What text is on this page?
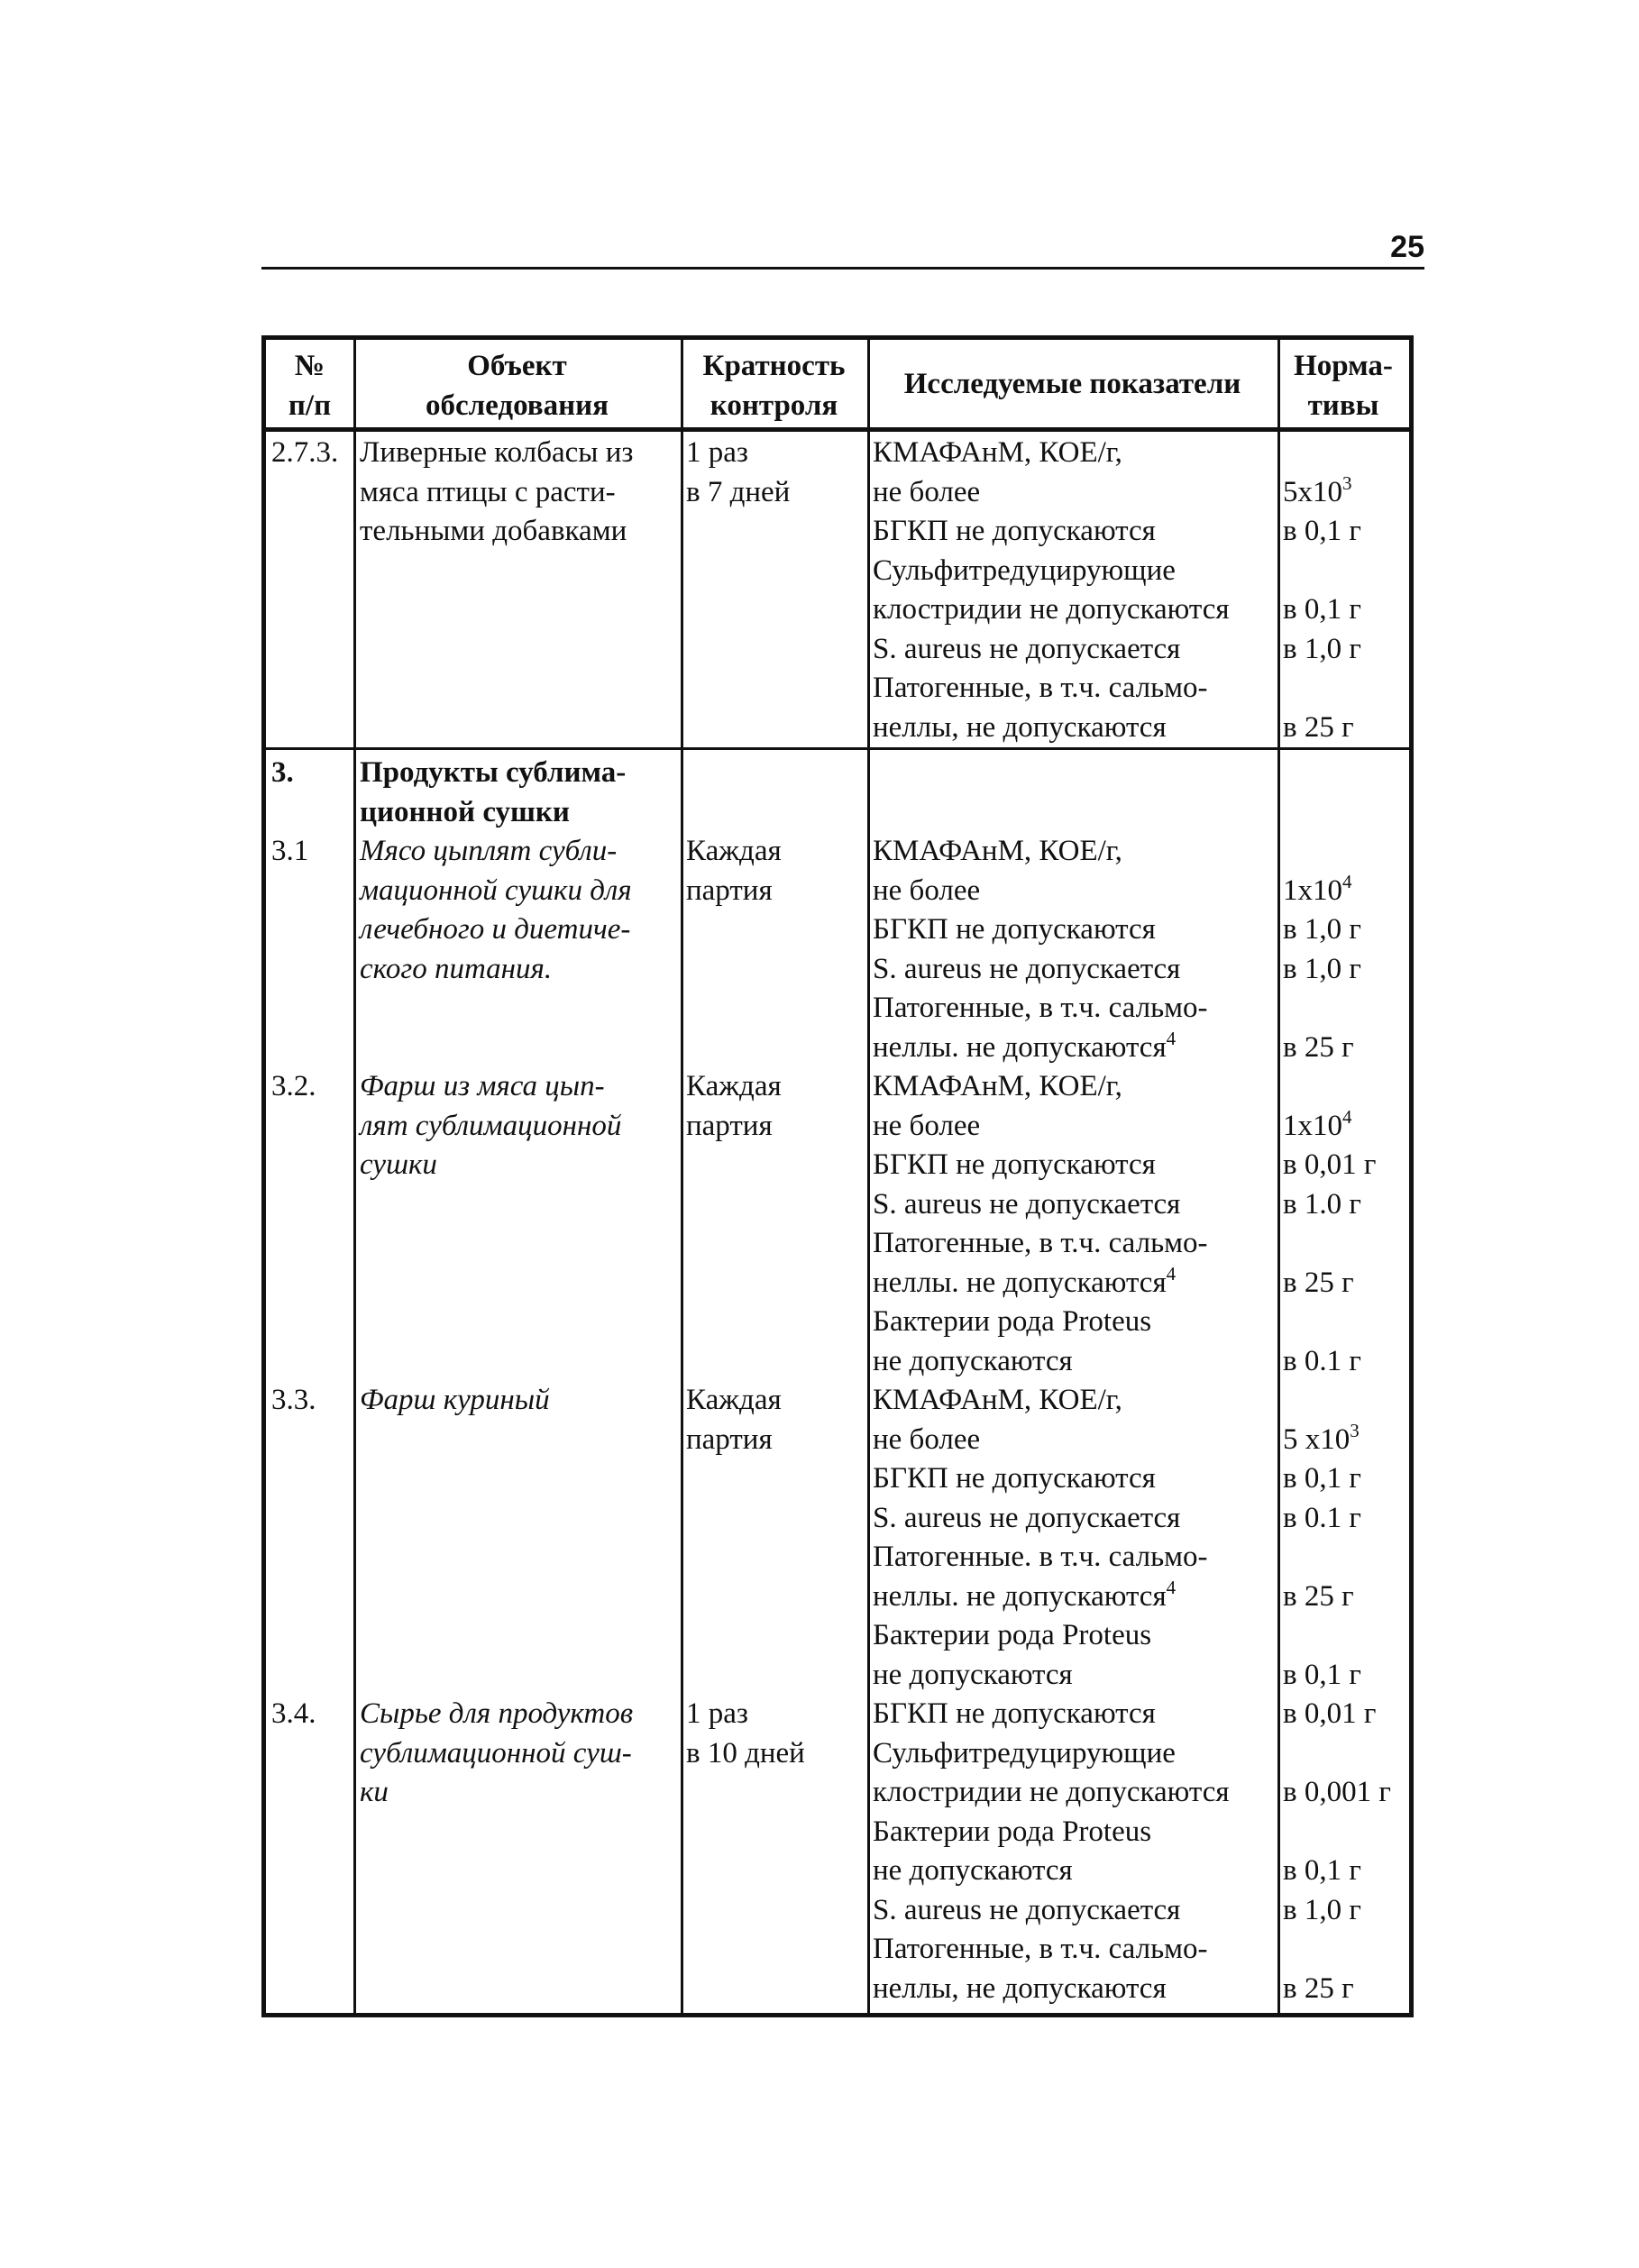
25
№
п/п
Объект
обследования
Кратность
контроля
Исследуемые показатели
Норма-
тивы
2.7.3. Ливерные колбасы из
мяса птицы с расти-
тельными добавками
1 раз
в 7 дней
КМАФАнМ, КОЕ/г,
не более
БГКП не допускаются
Сульфитредуцирующие
клостридии не допускаются
S. aureus не допускается
Патогенные, в т.ч. сальмо-
неллы, не допускаются
$5x10^3$
в 0,1 г
в 0,1 г
в 1,0 г
в 25 г
3. Продукты сублима-
ционной сушки
3.1 Мясо цыплят субли-
мационной сушки для
лечебного и диетиче-
ского питания.
Каждая
партия
КМАФАнМ, КОЕ/г,
не более
БГКП не допускаются
S. aureus не допускается
Патогенные, в т.ч. сальмо-
неллы. не допускаются$^4$
$1x10^4$
в 1,0 г
в 1,0 г
в 25 г
3.2. Фарш из мяса цып-
лят сублимационной
сушки
Каждая
партия
КМАФАнМ, КОЕ/г,
не более
БГКП не допускаются
S. aureus не допускается
Патогенные, в т.ч. сальмо-
неллы. не допускаются$^4$
Бактерии рода Proteus
не допускаются
$1x10^4$
в 0,01 г
в 1.0 г
в 25 г
в 0.1 г
3.3. Фарш куриный	Каждая
партия
КМАФАнМ, КОЕ/г,
не более
БГКП не допускаются
S. aureus не допускается
Патогенные. в т.ч. сальмо-
неллы. не допускаются$^4$
Бактерии рода Proteus
не допускаются
5 $x10^3$
в 0,1 г
в 0.1 г
в 25 г
в 0,1 г
3.4. Сырье для продуктов
сублимационной суш-
ки
1 раз
в 10 дней
БГКП не допускаются
Сульфитредуцирующие
клостридии не допускаются
Бактерии рода Proteus
не допускаются
S. aureus не допускается
Патогенные, в т.ч. сальмо-
неллы, не допускаются
в 0,01 г
в 0,001 г
в 0,1 г
в 1,0 г
в 25 г
